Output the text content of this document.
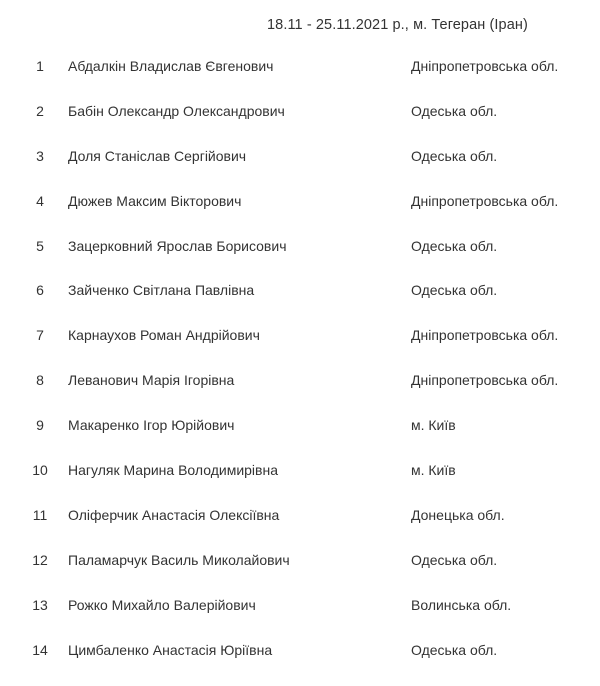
18.11 - 25.11.2021 р., м. Тегеран (Іран)
1	Абдалкін Владислав Євгенович	Дніпропетровська обл.
2	Бабін Олександр Олександрович	Одеська обл.
3	Доля Станіслав Сергійович	Одеська обл.
4	Дюжев Максим Вікторович	Дніпропетровська обл.
5	Зацерковний Ярослав Борисович	Одеська обл.
6	Зайченко Світлана Павлівна	Одеська обл.
7	Карнаухов Роман Андрійович	Дніпропетровська обл.
8	Леванович Марія Ігорівна	Дніпропетровська обл.
9	Макаренко Ігор Юрійович	м. Київ
10	Нагуляк Марина Володимирівна	м. Київ
11	Оліферчик Анастасія Олексіївна	Донецька обл.
12	Паламарчук Василь Миколайович	Одеська обл.
13	Рожко Михайло Валерійович	Волинська обл.
14	Цимбаленко Анастасія Юріївна	Одеська обл.
